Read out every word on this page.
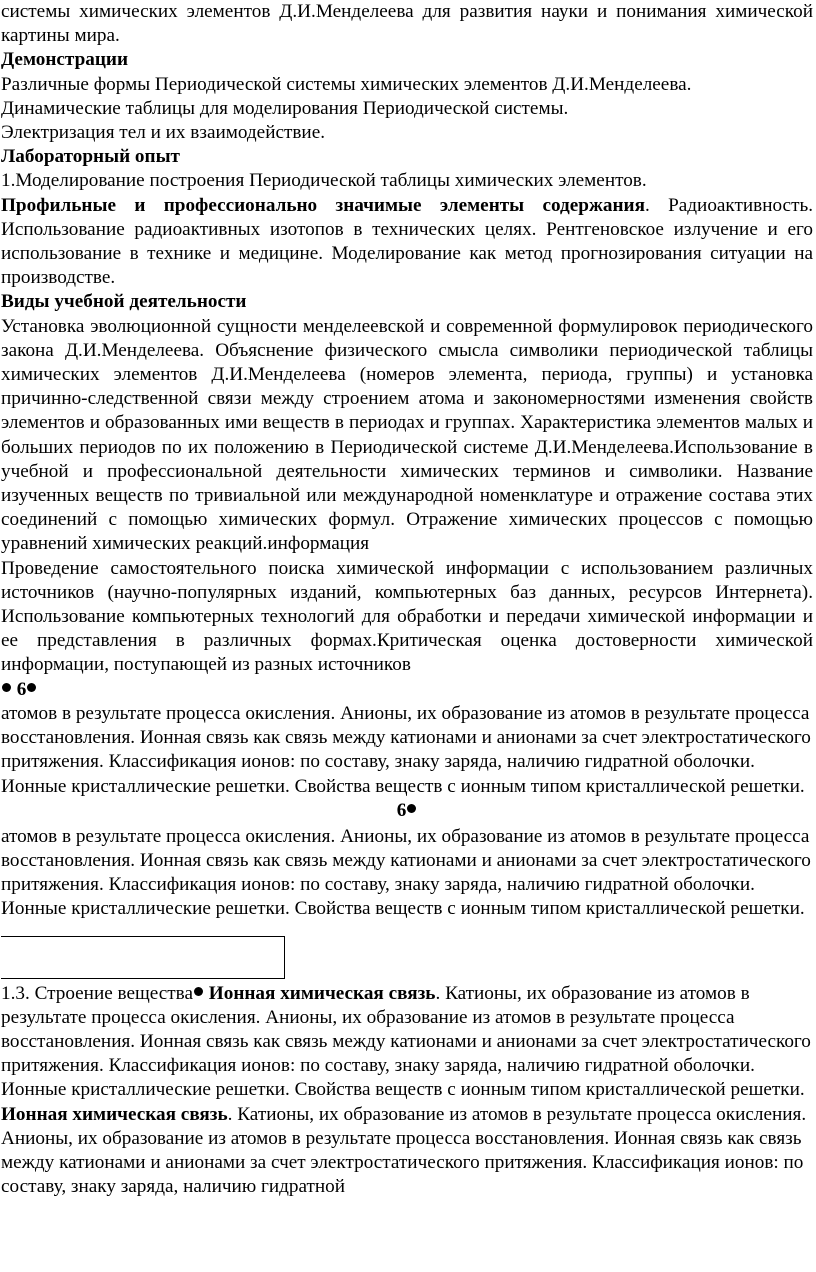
системы химических элементов Д.И.Менделеева для развития науки и понимания химической картины мира.

Демонстрации

Различные формы Периодической системы химических элементов Д.И.Менделеева.

Динамические таблицы для моделирования Периодической системы.

Электризация тел и их взаимодействие.

Лабораторный опыт

1.Моделирование построения Периодической таблицы химических элементов.

Профильные и профессионально значимые элементы содержания. Радиоактивность. Использование радиоактивных изотопов в технических целях. Рентгеновское излучение и его использование в технике и медицине. Моделирование как метод прогнозирования ситуации на производстве.

Виды учебной деятельности

Установка эволюционной сущности менделеевской и современной формулировок периодического закона Д.И.Менделеева. Объяснение физического смысла символики периодической таблицы химических элементов Д.И.Менделеева (номеров элемента, периода, группы) и установка причинно-следственной связи между строением атома и закономерностями изменения свойств элементов и образованных ими веществ в периодах и группах. Характеристика элементов малых и больших периодов по их положению в Периодической системе Д.И.Менделеева.Использование в учебной и профессиональной деятельности химических терминов и символики. Название изученных веществ по тривиальной или международной номенклатуре и отражение состава этих соединений с помощью химических формул. Отражение химических процессов с помощью уравнений химических реакций.информация

Проведение самостоятельного поиска химической информации с использованием различных источников (научно-популярных изданий, компьютерных баз данных, ресурсов Интернета). Использование компьютерных технологий для обработки и передачи химической информации и ее представления в различных формах.Критическая оценка достоверности химической информации, поступающей из разных источников

6

атомов в результате процесса окисления. Анионы, их образование из атомов в результате процесса восстановления. Ионная связь как связь между катионами и анионами за счет электростатического притяжения. Классификация ионов: по составу, знаку заряда, наличию гидратной оболочки. Ионные кристаллические решетки. Свойства веществ с ионным типом кристаллической решетки.

6

атомов в результате процесса окисления. Анионы, их образование из атомов в результате процесса восстановления. Ионная связь как связь между катионами и анионами за счет электростатического притяжения. Классификация ионов: по составу, знаку заряда, наличию гидратной оболочки. Ионные кристаллические решетки. Свойства веществ с ионным типом кристаллической решетки.

1.3. Строение вещества Ионная химическая связь. Катионы, их образование из атомов в результате процесса окисления. Анионы, их образование из атомов в результате процесса восстановления. Ионная связь как связь между катионами и анионами за счет электростатического притяжения. Классификация ионов: по составу, знаку заряда, наличию гидратной оболочки. Ионные кристаллические решетки. Свойства веществ с ионным типом кристаллической решетки.

Ионная химическая связь. Катионы, их образование из атомов в результате процесса окисления. Анионы, их образование из атомов в результате процесса восстановления. Ионная связь как связь между катионами и анионами за счет электростатического притяжения. Классификация ионов: по составу, знаку заряда, наличию гидратной
